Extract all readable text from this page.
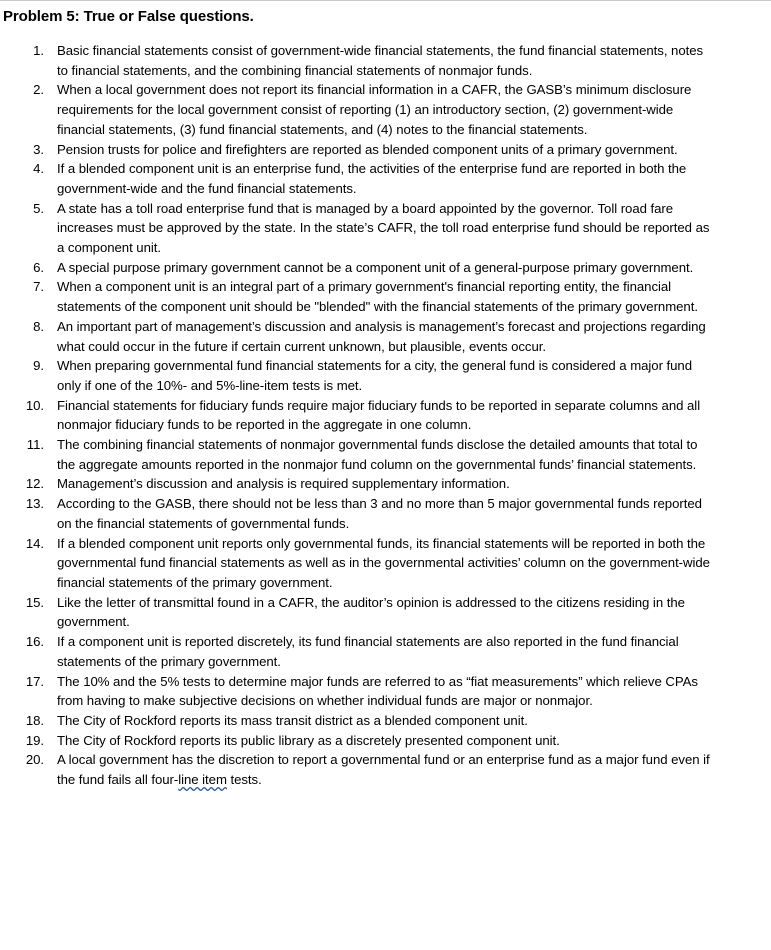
Problem 5: True or False questions.
1. Basic financial statements consist of government-wide financial statements, the fund financial statements, notes to financial statements, and the combining financial statements of nonmajor funds.
2. When a local government does not report its financial information in a CAFR, the GASB’s minimum disclosure requirements for the local government consist of reporting (1) an introductory section, (2) government-wide financial statements, (3) fund financial statements, and (4) notes to the financial statements.
3. Pension trusts for police and firefighters are reported as blended component units of a primary government.
4. If a blended component unit is an enterprise fund, the activities of the enterprise fund are reported in both the government-wide and the fund financial statements.
5. A state has a toll road enterprise fund that is managed by a board appointed by the governor. Toll road fare increases must be approved by the state. In the state’s CAFR, the toll road enterprise fund should be reported as a component unit.
6. A special purpose primary government cannot be a component unit of a general-purpose primary government.
7. When a component unit is an integral part of a primary government's financial reporting entity, the financial statements of the component unit should be "blended" with the financial statements of the primary government.
8. An important part of management’s discussion and analysis is management’s forecast and projections regarding what could occur in the future if certain current unknown, but plausible, events occur.
9. When preparing governmental fund financial statements for a city, the general fund is considered a major fund only if one of the 10%- and 5%-line-item tests is met.
10. Financial statements for fiduciary funds require major fiduciary funds to be reported in separate columns and all nonmajor fiduciary funds to be reported in the aggregate in one column.
11. The combining financial statements of nonmajor governmental funds disclose the detailed amounts that total to the aggregate amounts reported in the nonmajor fund column on the governmental funds’ financial statements.
12. Management’s discussion and analysis is required supplementary information.
13. According to the GASB, there should not be less than 3 and no more than 5 major governmental funds reported on the financial statements of governmental funds.
14. If a blended component unit reports only governmental funds, its financial statements will be reported in both the governmental fund financial statements as well as in the governmental activities’ column on the government-wide financial statements of the primary government.
15. Like the letter of transmittal found in a CAFR, the auditor’s opinion is addressed to the citizens residing in the government.
16. If a component unit is reported discretely, its fund financial statements are also reported in the fund financial statements of the primary government.
17. The 10% and the 5% tests to determine major funds are referred to as “fiat measurements” which relieve CPAs from having to make subjective decisions on whether individual funds are major or nonmajor.
18. The City of Rockford reports its mass transit district as a blended component unit.
19. The City of Rockford reports its public library as a discretely presented component unit.
20. A local government has the discretion to report a governmental fund or an enterprise fund as a major fund even if the fund fails all four-line item tests.
